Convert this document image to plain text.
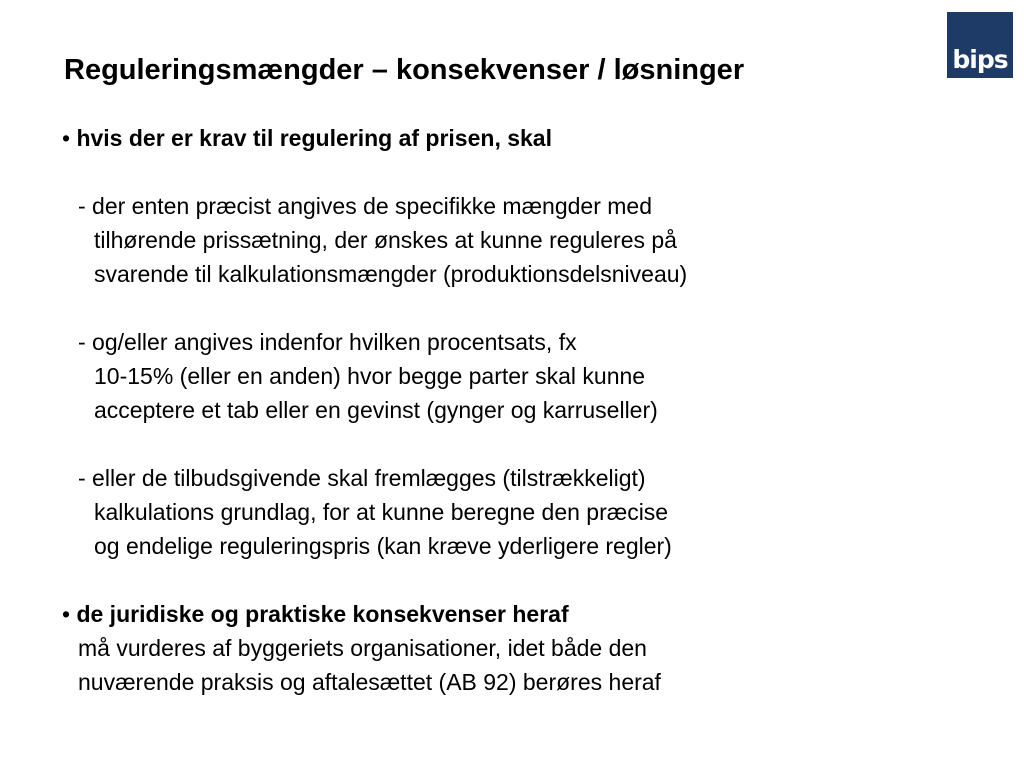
bips
Reguleringsmængder – konsekvenser / løsninger
• hvis der er krav til regulering af prisen, skal
- der enten præcist angives de specifikke mængder med
tilhørende prissætning, der ønskes at kunne reguleres på
svarende til kalkulationsmængder (produktionsdelsniveau)
- og/eller angives indenfor hvilken procentsats, fx
10-15% (eller en anden) hvor begge parter skal kunne
acceptere et tab eller en gevinst (gynger og karruseller)
- eller de tilbudsgivende skal fremlægges (tilstrækkeligt)
kalkulations grundlag, for at kunne beregne den præcise
og endelige reguleringspris (kan kræve yderligere regler)
• de juridiske og praktiske konsekvenser heraf
må vurderes af byggeriets organisationer, idet både den
nuværende praksis og aftalesættet (AB 92) berøres heraf
